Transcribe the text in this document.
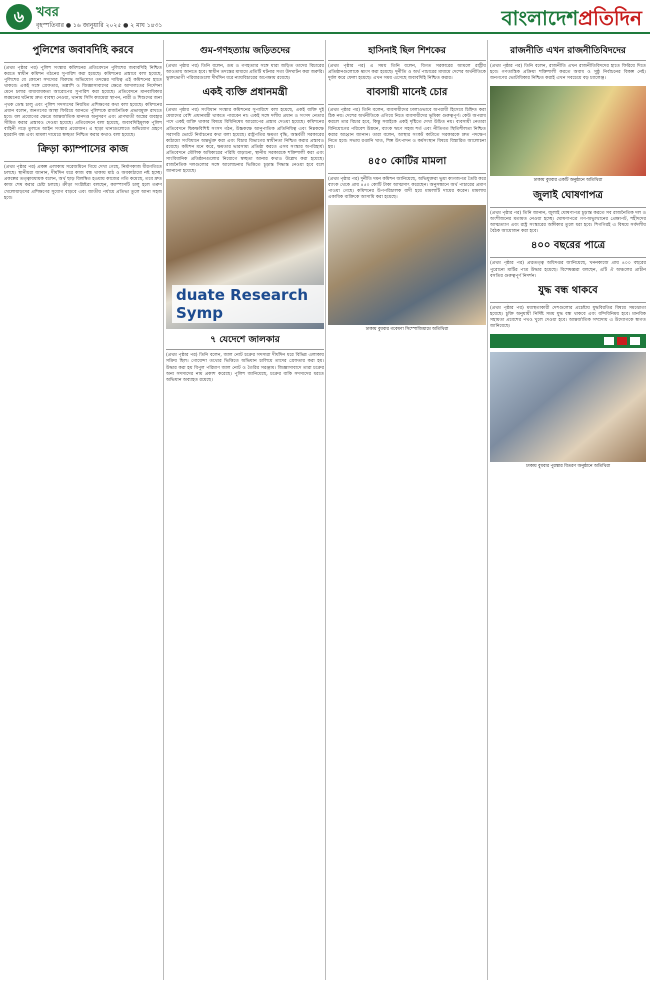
৬ খবর
বৃহস্পতিবার ● ১৬ জানুয়ারি ২০২৫ ● ২ মাঘ ১৪৩১	বাংলাদেশপ্রতিদিন
পুলিশের জবাবদিহি করবে

(প্রথম পৃষ্ঠার পর) পুলিশ সংস্কার কমিশনের প্রতিবেদনে পুলিশের জবাবদিহি নিশ্চিত করতে স্বাধীন কমিশন গঠনের সুপারিশ করা হয়েছে। কমিশনের প্রস্তাবে বলা হয়েছে, পুলিশের যে কোনো সদস্যের বিরুদ্ধে অভিযোগ তদন্তের দায়িত্ব এই কমিশনের হাতে থাকবে। একই সঙ্গে গ্রেফতার, তল্লাশি ও জিজ্ঞাসাবাদের ক্ষেত্রে আদালতের নির্দেশনা মেনে চলার বাধ্যবাধকতা আরোপের সুপারিশ করা হয়েছে। প্রতিবেদনে মানবাধিকার লঙ্ঘনের ঘটনায় দ্রুত ব্যবস্থা নেওয়া, থানায় সিসি ক্যামেরা স্থাপন, নারী ও শিশুদের জন্য পৃথক ডেস্ক চালু এবং পুলিশ সদস্যদের নিয়মিত প্রশিক্ষণের কথা বলা হয়েছে। কমিশনের প্রধান বলেন, জনগণের আস্থা ফিরিয়ে আনতে পুলিশকে রাজনৈতিক প্রভাবমুক্ত রাখতে হবে। বল প্রয়োগের ক্ষেত্রে আন্তর্জাতিক মানদণ্ড অনুসরণ এবং প্রাণঘাতী অস্ত্রের ব্যবহার সীমিত করার প্রস্তাবও দেওয়া হয়েছে। প্রতিবেদনে বলা হয়েছে, জবাবদিহিমূলক পুলিশ বাহিনী গড়ে তুলতে আইন সংস্কার প্রয়োজন। এ ছাড়া থানাগুলোতে অভিযোগ গ্রহণে হয়রানি বন্ধ এবং মামলা দায়েরে স্বচ্ছতা নিশ্চিত করার কথাও বলা হয়েছে।

ক্রিড়া ক্যাম্পাসের কাজ

(প্রথম পৃষ্ঠার পর) প্রকল্প এলাকায় সরেজমিনে গিয়ে দেখা গেছে, নির্মাণকাজ ধীরগতিতে চলছে। স্থানীয়রা জানান, দীর্ঘদিন ধরে কাজ বন্ধ থাকায় মাঠ ও অবকাঠামো নষ্ট হচ্ছে। প্রকল্পের তত্ত্বাবধায়ক বলেন, অর্থ ছাড় বিলম্বিত হওয়ায় কাজের গতি কমেছে, তবে দ্রুত কাজ শেষ করার চেষ্টা চলছে। ক্রীড়া সংশ্লিষ্টরা বলছেন, ক্যাম্পাসটি চালু হলে তরুণ খেলোয়াড়দের প্রশিক্ষণের সুযোগ বাড়বে এবং জাতীয় পর্যায়ে প্রতিভা তুলে আনা সহজ হবে।

গুম-গণহত্যায় জড়িতদের

(প্রথম পৃষ্ঠার পর) তিনি বলেন, গুম ও গণহত্যার সঙ্গে যারা জড়িত তাদের বিচারের আওতায় আনতে হবে। স্বাধীন তদন্তের মাধ্যমে প্রতিটি ঘটনার সত্য উদঘাটন করা জরুরি। ভুক্তভোগী পরিবারগুলো দীর্ঘদিন ধরে ন্যায়বিচারের অপেক্ষায় রয়েছে।

একই ব্যক্তি প্রধানমন্ত্রী

(প্রথম পৃষ্ঠার পর) সংবিধান সংস্কার কমিশনের সুপারিশে বলা হয়েছে, একই ব্যক্তি দুই মেয়াদের বেশি প্রধানমন্ত্রী থাকতে পারবেন না। একই সঙ্গে দলীয় প্রধান ও সংসদ নেতার পদে একই ব্যক্তি থাকার বিষয়ে বিধিনিষেধ আরোপের প্রস্তাব দেওয়া হয়েছে। কমিশনের প্রতিবেদনে দ্বিকক্ষবিশিষ্ট সংসদ গঠন, উচ্চকক্ষে আনুপাতিক প্রতিনিধিত্ব এবং নিম্নকক্ষে সরাসরি ভোটে নির্বাচনের কথা বলা হয়েছে। রাষ্ট্রপতির ক্ষমতা বৃদ্ধি, অন্তর্বর্তী সরকারের কাঠামো সংবিধানে অন্তর্ভুক্ত করা এবং বিচার বিভাগের স্বাধীনতা নিশ্চিত করার প্রস্তাবও রয়েছে। কমিশন মনে করে, ক্ষমতার ভারসাম্য প্রতিষ্ঠা করতে এসব সংস্কার অপরিহার্য। প্রতিবেদনে মৌলিক অধিকারের পরিধি বাড়ানো, স্থানীয় সরকারকে শক্তিশালী করা এবং সাংবিধানিক প্রতিষ্ঠানগুলোর নিয়োগে স্বচ্ছতা আনার কথাও উল্লেখ করা হয়েছে। রাজনৈতিক দলগুলোর সঙ্গে আলোচনার ভিত্তিতে চূড়ান্ত সিদ্ধান্ত নেওয়া হবে বলে জানানো হয়েছে।

duate Research Symp
৭ যেদেশে জালকার

(প্রথম পৃষ্ঠার পর) তিনি বলেন, জাল নোট চক্রের সদস্যরা দীর্ঘদিন ধরে বিভিন্ন এলাকায় সক্রিয় ছিল। গোয়েন্দা তথ্যের ভিত্তিতে অভিযান চালিয়ে তাদের গ্রেফতার করা হয়। উদ্ধার করা হয় বিপুল পরিমাণ জাল নোট ও তৈরির সরঞ্জাম। জিজ্ঞাসাবাদে তারা চক্রের অন্য সদস্যদের নাম প্রকাশ করেছে। পুলিশ জানিয়েছে, চক্রের বাকি সদস্যদের ধরতে অভিযান অব্যাহত রয়েছে।

হাসিনাই ছিল শিশকের

(প্রথম পৃষ্ঠার পর) এ সময় তিনি বলেন, বিগত সরকারের আমলে রাষ্ট্রীয় প্রতিষ্ঠানগুলোকে ধ্বংস করা হয়েছে। দুর্নীতি ও অর্থ পাচারের মাধ্যমে দেশের অর্থনীতিকে দুর্বল করে ফেলা হয়েছে। এখন সময় এসেছে জবাবদিহি নিশ্চিত করার।

বাবসায়ী মানেই চোর

(প্রথম পৃষ্ঠার পর) তিনি বলেন, ব্যবসায়ীদের ঢালাওভাবে অপরাধী হিসেবে চিহ্নিত করা ঠিক নয়। দেশের অর্থনীতিকে এগিয়ে নিতে ব্যবসায়ীদের ভূমিকা গুরুত্বপূর্ণ। কেউ অপরাধ করলে তার বিচার হবে, কিন্তু সবাইকে একই দৃষ্টিতে দেখা উচিত নয়। ব্যবসায়ী নেতারা বিনিয়োগের পরিবেশ উন্নয়ন, ব্যাংক ঋণে সহজ শর্ত এবং নীতিগত স্থিতিশীলতা নিশ্চিত করার আহ্বান জানান। তারা বলেন, আস্থার সংকট কাটাতে সরকারকে দ্রুত পদক্ষেপ নিতে হবে। সভায় রপ্তানি খাত, শিল্প উৎপাদন ও কর্মসংস্থান বিষয়ে বিস্তারিত আলোচনা হয়।

৪৫০ কোটির মামলা

(প্রথম পৃষ্ঠার পর) দুর্নীতি দমন কমিশন জানিয়েছে, অভিযুক্তরা ভুয়া কাগজপত্র তৈরি করে ব্যাংক থেকে প্রায় ৪৫০ কোটি টাকা আত্মসাৎ করেছেন। অনুসন্ধানে অর্থ পাচারের প্রমাণ পাওয়া গেছে। কমিশনের উপপরিচালক বাদী হয়ে মামলাটি দায়ের করেন। মামলায় একাধিক ব্যক্তিকে আসামি করা হয়েছে।

ঢাকায় বুধবার গবেষণা সিম্পোজিয়ামে অতিথিরা
রাজনীতি এখন রাজনীতিবিদদের

(প্রথম পৃষ্ঠার পর) তিনি বলেন, রাজনীতি এখন রাজনীতিবিদদের হাতে ফিরিয়ে দিতে হবে। গণতান্ত্রিক প্রক্রিয়া শক্তিশালী করতে অবাধ ও সুষ্ঠু নির্বাচনের বিকল্প নেই। জনগণের ভোটাধিকার নিশ্চিত করাই এখন সবচেয়ে বড় চ্যালেঞ্জ।

ঢাকায় বুধবার একটি অনুষ্ঠানে অতিথিরা
জুলাই ঘোষণাপত্র

(প্রথম পৃষ্ঠার পর) তিনি জানান, জুলাই ঘোষণাপত্র চূড়ান্ত করতে সব রাজনৈতিক দল ও অংশীজনের মতামত নেওয়া হচ্ছে। ঘোষণাপত্রে গণ-অভ্যুত্থানের প্রেক্ষাপট, শহীদদের আত্মত্যাগ এবং রাষ্ট্র সংস্কারের অঙ্গীকার তুলে ধরা হবে। শিগগিরই এ বিষয়ে সর্বদলীয় বৈঠক আয়োজন করা হবে।

৪০০ বছরের পাত্রে

(প্রথম পৃষ্ঠার পর) প্রত্নতত্ত্ব অধিদপ্তর জানিয়েছে, খননকাজে প্রায় ৪০০ বছরের পুরোনো মাটির পাত্র উদ্ধার হয়েছে। বিশেষজ্ঞরা বলছেন, এটি ঐ অঞ্চলের প্রাচীন বসতির গুরুত্বপূর্ণ নিদর্শন।

যুদ্ধ বন্ধ থাকবে

(প্রথম পৃষ্ঠার পর) মধ্যস্থতাকারী দেশগুলোর প্রচেষ্টায় যুদ্ধবিরতির বিষয়ে সমঝোতা হয়েছে। চুক্তি অনুযায়ী নির্দিষ্ট সময় যুদ্ধ বন্ধ থাকবে এবং বন্দিবিনিময় হবে। মানবিক সহায়তা প্রবেশের পথও খুলে দেওয়া হবে। আন্তর্জাতিক সম্প্রদায় এ উদ্যোগকে স্বাগত জানিয়েছে।

ঢাকায় বুধবার পুরস্কার বিতরণ অনুষ্ঠানে অতিথিরা
